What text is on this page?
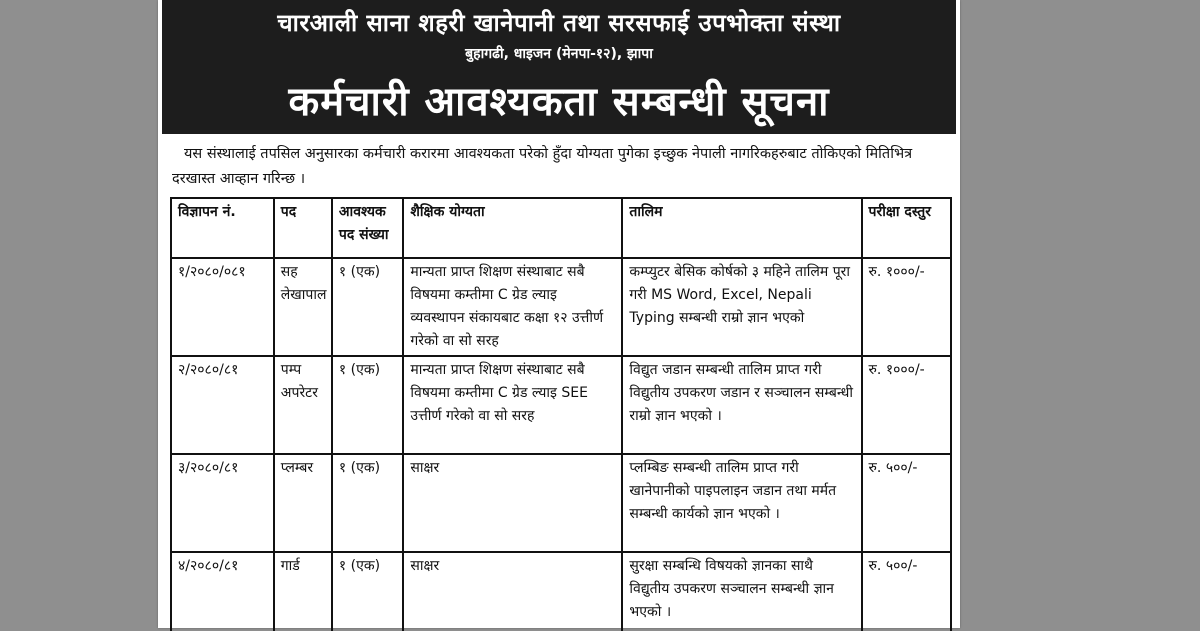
चारआली साना शहरी खानेपानी तथा सरसफाई उपभोक्ता संस्था
बुहागढी, धाइजन (मेनपा-१२), झापा
कर्मचारी आवश्यकता सम्बन्धी सूचना
यस संस्थालाई तपसिल अनुसारका कर्मचारी करारमा आवश्यकता परेको हुँदा योग्यता पुगेका इच्छुक नेपाली नागरिकहरुबाट तोकिएको मितिभित्र दरखास्त आव्हान गरिन्छ ।
विज्ञापन नं.	पद	आवश्यक पद संख्या	शैक्षिक योग्यता	तालिम	परीक्षा दस्तुर
१/२०८०/०८१	सह लेखापाल	१ (एक)	मान्यता प्राप्त शिक्षण संस्थाबाट सबै विषयमा कम्तीमा C ग्रेड ल्याइ व्यवस्थापन संकायबाट कक्षा १२ उत्तीर्ण गरेको वा सो सरह	कम्प्युटर बेसिक कोर्षको ३ महिने तालिम पूरा गरी MS Word, Excel, Nepali Typing सम्बन्धी राम्रो ज्ञान भएको	रु. १०००/-
२/२०८०/८१	पम्प अपरेटर	१ (एक)	मान्यता प्राप्त शिक्षण संस्थाबाट सबै विषयमा कम्तीमा C ग्रेड ल्याइ SEE उत्तीर्ण गरेको वा सो सरह	विद्युत जडान सम्बन्धी तालिम प्राप्त गरी विद्युतीय उपकरण जडान र सञ्चालन सम्बन्धी राम्रो ज्ञान भएको ।	रु. १०००/-
३/२०८०/८१	प्लम्बर	१ (एक)	साक्षर	प्लम्बिङ सम्बन्धी तालिम प्राप्त गरी खानेपानीको पाइपलाइन जडान तथा मर्मत सम्बन्धी कार्यको ज्ञान भएको ।	रु. ५००/-
४/२०८०/८१	गार्ड	१ (एक)	साक्षर	सुरक्षा सम्बन्धि विषयको ज्ञानका साथै विद्युतीय उपकरण सञ्चालन सम्बन्धी ज्ञान भएको ।	रु. ५००/-
